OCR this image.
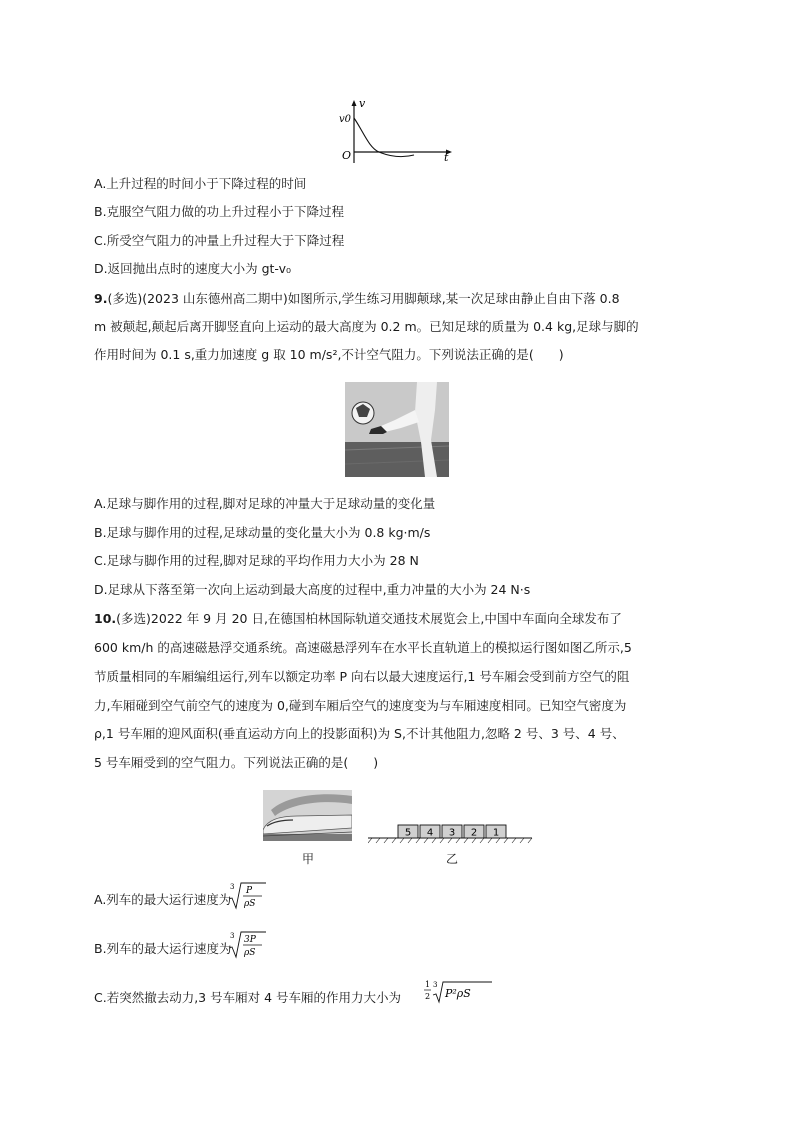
v
v0
O	t
A.上升过程的时间小于下降过程的时间
B.克服空气阻力做的功上升过程小于下降过程
C.所受空气阻力的冲量上升过程大于下降过程
D.返回抛出点时的速度大小为 gt-v₀
9.(多选)(2023 山东德州高二期中)如图所示,学生练习用脚颠球,某一次足球由静止自由下落 0.8
m 被颠起,颠起后离开脚竖直向上运动的最大高度为 0.2 m。已知足球的质量为 0.4 kg,足球与脚的
作用时间为 0.1 s,重力加速度 g 取 10 m/s²,不计空气阻力。下列说法正确的是(　　)
A.足球与脚作用的过程,脚对足球的冲量大于足球动量的变化量
B.足球与脚作用的过程,足球动量的变化量大小为 0.8 kg·m/s
C.足球与脚作用的过程,脚对足球的平均作用力大小为 28 N
D.足球从下落至第一次向上运动到最大高度的过程中,重力冲量的大小为 24 N·s
10.(多选)2022 年 9 月 20 日,在德国柏林国际轨道交通技术展览会上,中国中车面向全球发布了
600 km/h 的高速磁悬浮交通系统。高速磁悬浮列车在水平长直轨道上的模拟运行图如图乙所示,5
节质量相同的车厢编组运行,列车以额定功率 P 向右以最大速度运行,1 号车厢会受到前方空气的阻
力,车厢碰到空气前空气的速度为 0,碰到车厢后空气的速度变为与车厢速度相同。已知空气密度为
ρ,1 号车厢的迎风面积(垂直运动方向上的投影面积)为 S,不计其他阻力,忽略 2 号、3 号、4 号、
5 号车厢受到的空气阻力。下列说法正确的是(　　)
甲
5 4 3 2 1
乙
A.列车的最大运行速度为
3 P
ρS
B.列车的最大运行速度为
3 3P
ρS
C.若突然撤去动力,3 号车厢对 4 号车厢的作用力大小为
1
2
3
P²ρS
